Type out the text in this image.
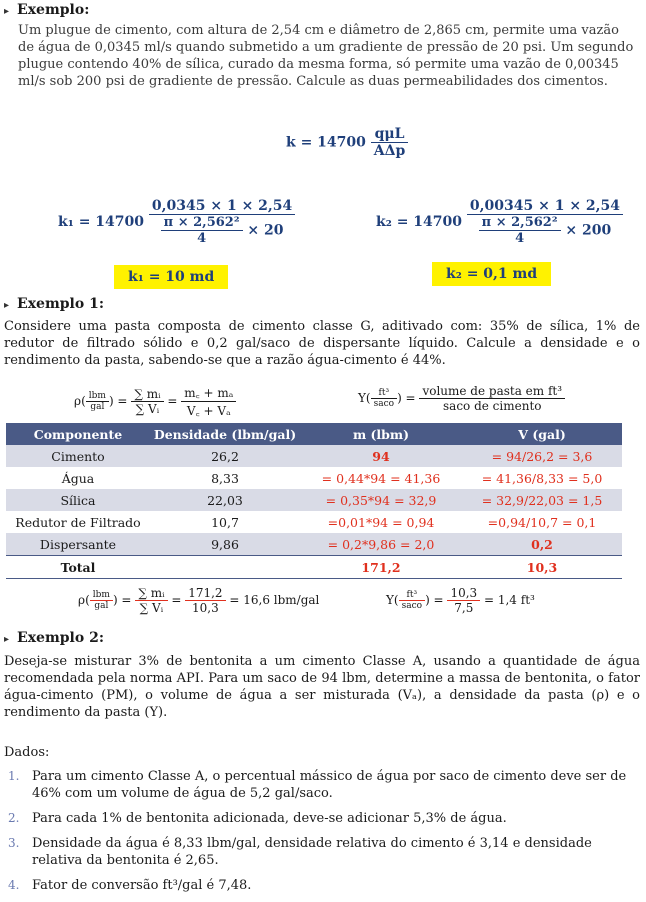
▸ Exemplo:
Um plugue de cimento, com altura de 2,54 cm e diâmetro de 2,865 cm, permite uma vazão de água de 0,0345 ml/s quando submetido a um gradiente de pressão de 20 psi. Um segundo plugue contendo 40% de sílica, curado da mesma forma, só permite uma vazão de 0,00345 ml/s sob 200 psi de gradiente de pressão. Calcule as duas permeabilidades dos cimentos.
$k = 14700 \frac{\text{qμL}}{\text{AΔp}}$
$k_1 = 14700 \frac{0,0345 \times 1 \times 2,54}{\frac{\text{π × 2,562²}}{4} \times 20}$	$k_2 = 14700 \frac{0,00345 \times 1 \times 2,54}{\frac{\text{π × 2,562²}}{4} \times 200}$
k₁ = 10 md	k₂ = 0,1 md
▸ Exemplo 1:
Considere uma pasta composta de cimento classe G, aditivado com: 35% de sílica, 1% de redutor de filtrado sólido e 0,2 gal/saco de dispersante líquido. Calcule a densidade e o rendimento da pasta, sabendo-se que a razão água-cimento é 44%.
$\rho( \frac{\text{lbm}}{\text{gal}}$ ) = $\frac{\text{∑ mᵢ}}{\text{∑ Vᵢ}} = \frac{\text{m꜀ + mₐ}}{\text{V꜀ + Vₐ}}$	$Y( \frac{\text{ft³}}{\text{saco}}$ ) = $\frac{\text{volume de pasta em ft³}}{\text{saco de cimento}}$
Componente	Densidade (lbm/gal)	m (lbm)	V (gal)
Cimento	26,2	94	= 94/26,2 = 3,6
Água	8,33	= 0,44*94 = 41,36	= 41,36/8,33 = 5,0
Sílica	22,03	= 0,35*94 = 32,9	= 32,9/22,03 = 1,5
Redutor de Filtrado	10,7	=0,01*94 = 0,94	=0,94/10,7 = 0,1
Dispersante	9,86	= 0,2*9,86 = 2,0	0,2
Total		171,2	10,3
$\rho( \frac{\text{lbm}}{\text{gal}}$ ) = $\frac{\text{∑ mᵢ}}{\text{∑ Vᵢ}} = \frac{171,2}{10,3} = 16,6$ lbm/gal	$Y( \frac{\text{ft³}}{\text{saco}}$ ) = $\frac{10,3}{7,5} = 1,4$ ft³
▸ Exemplo 2:
Deseja-se misturar 3% de bentonita a um cimento Classe A, usando a quantidade de água recomendada pela norma API. Para um saco de 94 lbm, determine a massa de bentonita, o fator água-cimento (PM), o volume de água a ser misturada (Vₐ), a densidade da pasta (ρ) e o rendimento da pasta (Y).
Dados:
1. Para um cimento Classe A, o percentual mássico de água por saco de cimento deve ser de 46% com um volume de água de 5,2 gal/saco.
2. Para cada 1% de bentonita adicionada, deve-se adicionar 5,3% de água.
3. Densidade da água é 8,33 lbm/gal, densidade relativa do cimento é 3,14 e densidade relativa da bentonita é 2,65.
4. Fator de conversão ft³/gal é 7,48.
